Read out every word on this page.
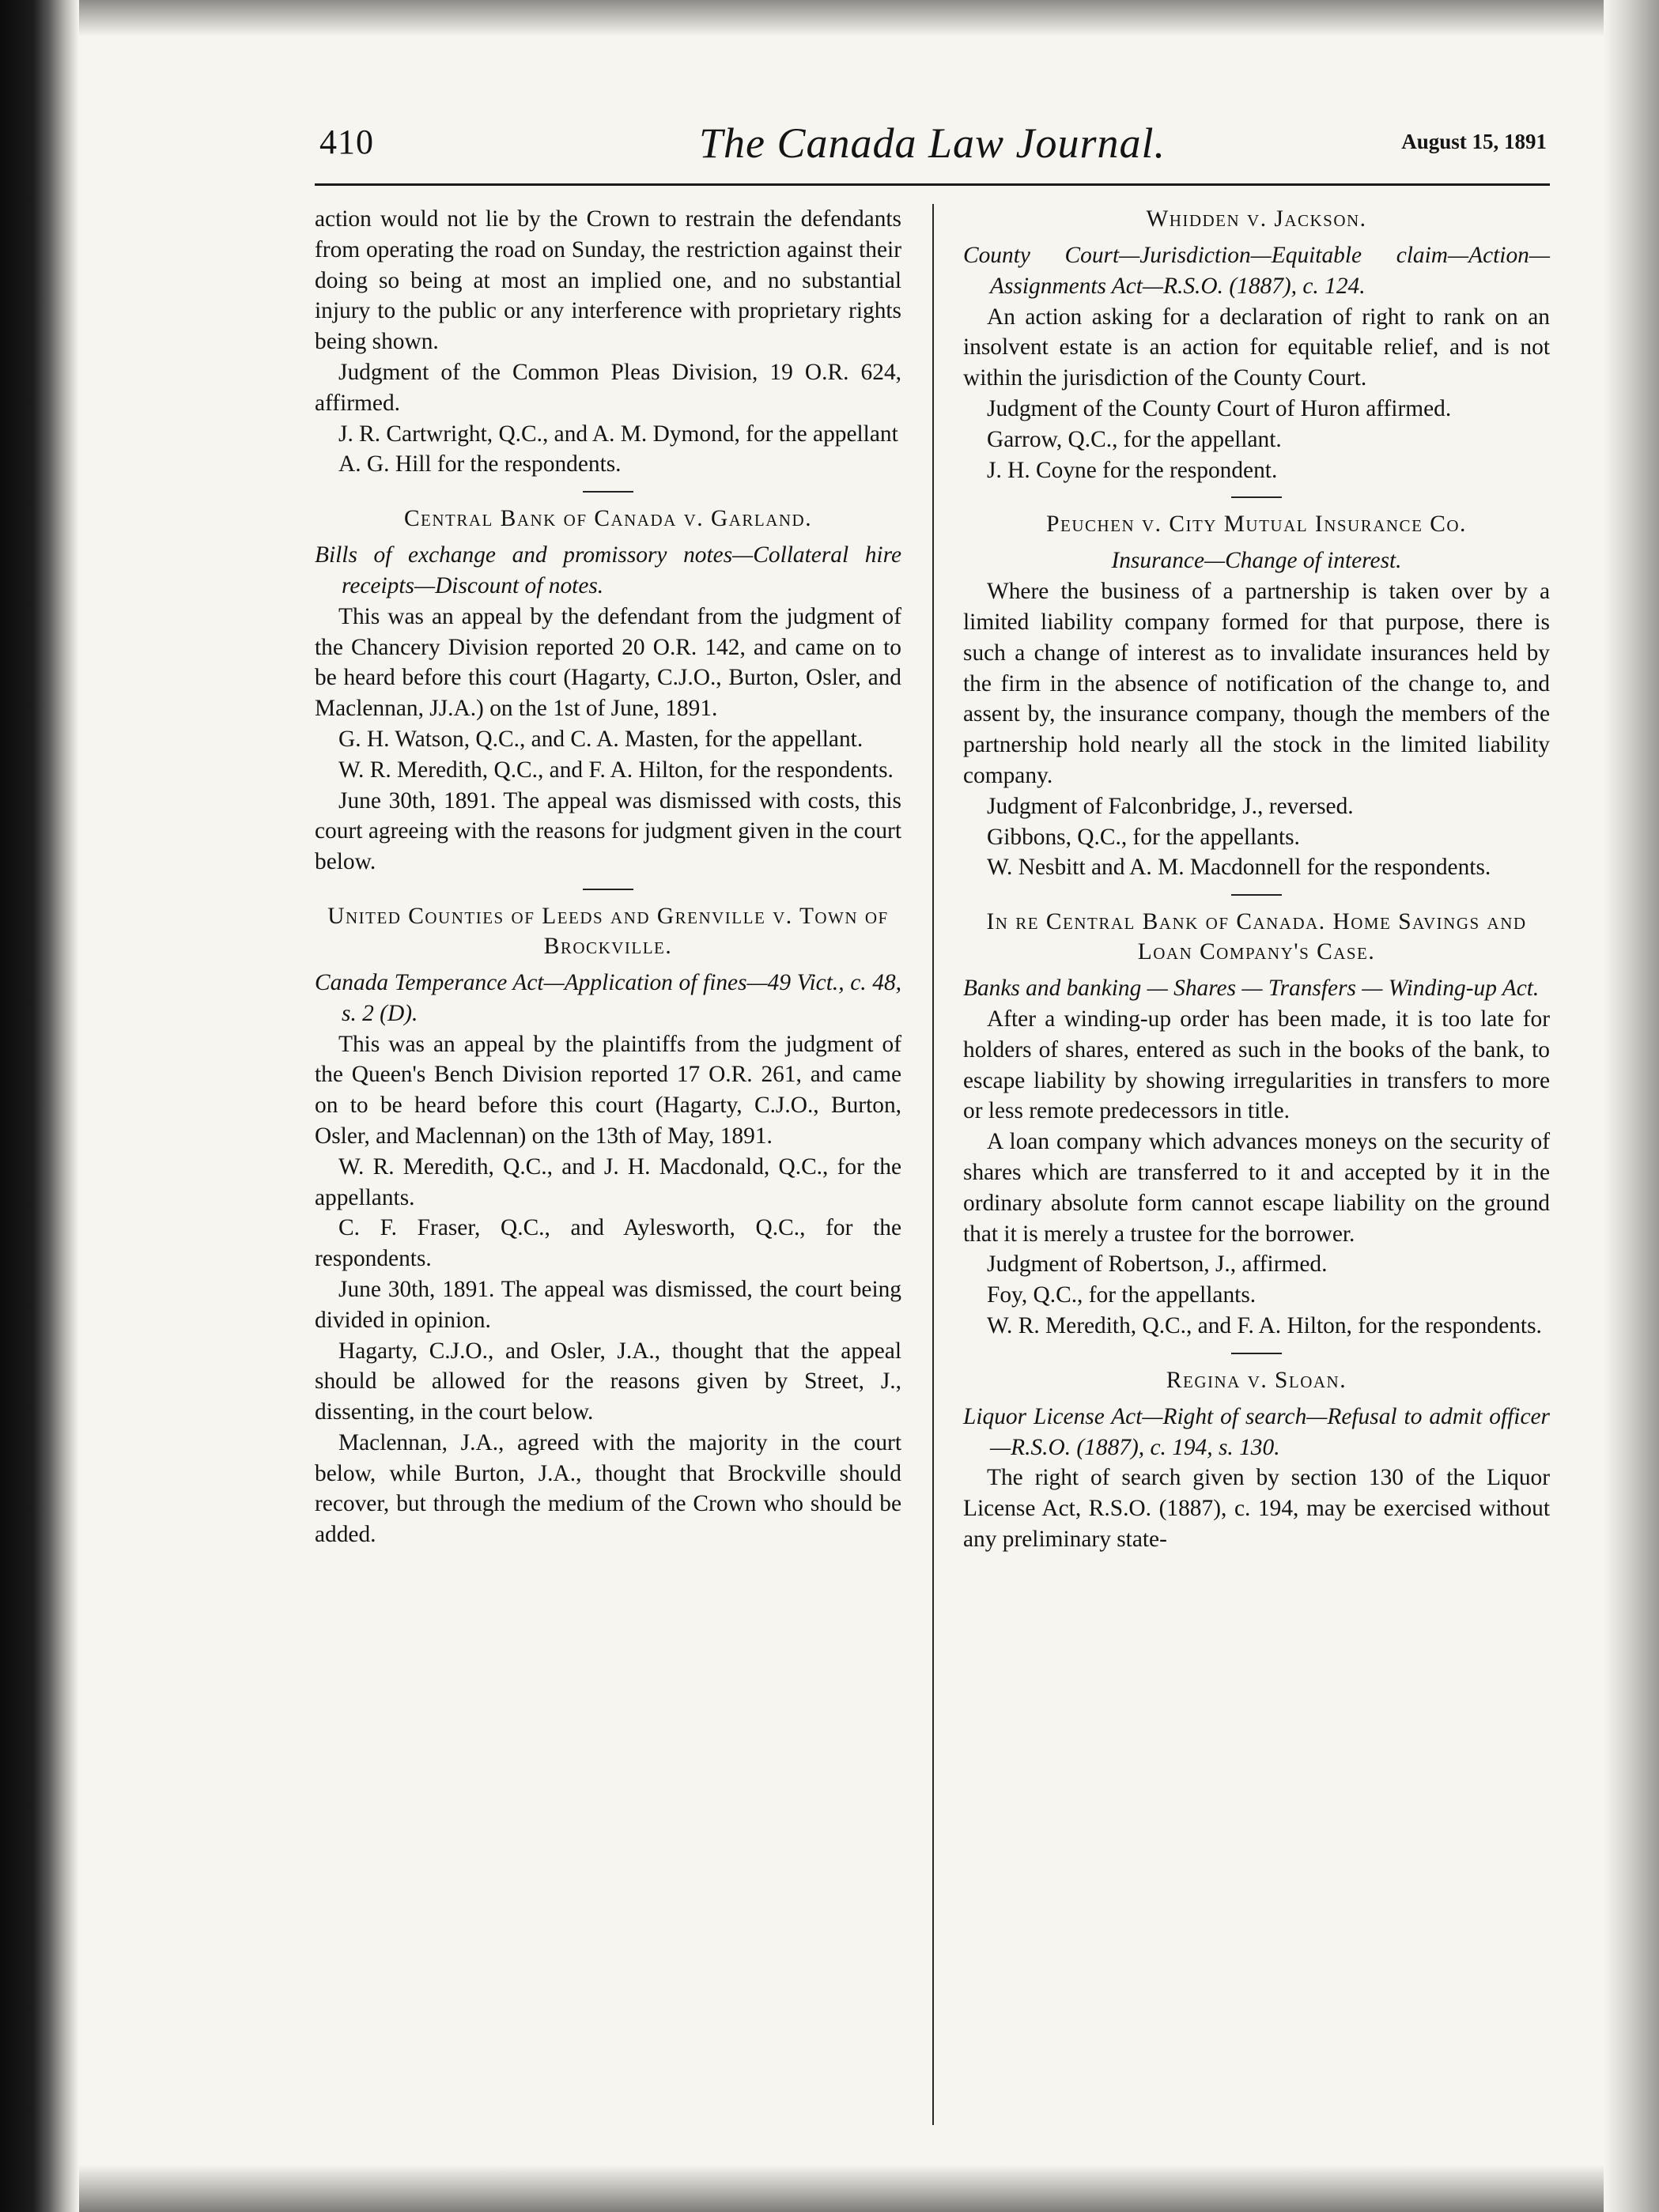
410	The Canada Law Journal.	August 15, 1891

action would not lie by the Crown to restrain the defendants from operating the road on Sunday, the restriction against their doing so being at most an implied one, and no substantial injury to the public or any interference with proprietary rights being shown.

Judgment of the Common Pleas Division, 19 O.R. 624, affirmed.

J. R. Cartwright, Q.C., and A. M. Dymond, for the appellant

A. G. Hill for the respondents.

Central Bank of Canada v. Garland.

Bills of exchange and promissory notes—Collateral hire receipts—Discount of notes.

This was an appeal by the defendant from the judgment of the Chancery Division reported 20 O.R. 142, and came on to be heard before this court (Hagarty, C.J.O., Burton, Osler, and Maclennan, JJ.A.) on the 1st of June, 1891.

G. H. Watson, Q.C., and C. A. Masten, for the appellant.

W. R. Meredith, Q.C., and F. A. Hilton, for the respondents.

June 30th, 1891. The appeal was dismissed with costs, this court agreeing with the reasons for judgment given in the court below.

United Counties of Leeds and Grenville v. Town of Brockville.

Canada Temperance Act—Application of fines—49 Vict., c. 48, s. 2 (D).

This was an appeal by the plaintiffs from the judgment of the Queen's Bench Division reported 17 O.R. 261, and came on to be heard before this court (Hagarty, C.J.O., Burton, Osler, and Maclennan) on the 13th of May, 1891.

W. R. Meredith, Q.C., and J. H. Macdonald, Q.C., for the appellants.

C. F. Fraser, Q.C., and Aylesworth, Q.C., for the respondents.

June 30th, 1891. The appeal was dismissed, the court being divided in opinion.

Hagarty, C.J.O., and Osler, J.A., thought that the appeal should be allowed for the reasons given by Street, J., dissenting, in the court below.

Maclennan, J.A., agreed with the majority in the court below, while Burton, J.A., thought that Brockville should recover, but through the medium of the Crown who should be added.

Whidden v. Jackson.

County Court—Jurisdiction—Equitable claim—Action—Assignments Act—R.S.O. (1887), c. 124.

An action asking for a declaration of right to rank on an insolvent estate is an action for equitable relief, and is not within the jurisdiction of the County Court.

Judgment of the County Court of Huron affirmed.

Garrow, Q.C., for the appellant.

J. H. Coyne for the respondent.

Peuchen v. City Mutual Insurance Co.

Insurance—Change of interest.

Where the business of a partnership is taken over by a limited liability company formed for that purpose, there is such a change of interest as to invalidate insurances held by the firm in the absence of notification of the change to, and assent by, the insurance company, though the members of the partnership hold nearly all the stock in the limited liability company.

Judgment of Falconbridge, J., reversed.

Gibbons, Q.C., for the appellants.

W. Nesbitt and A. M. Macdonnell for the respondents.

In re Central Bank of Canada. Home Savings and Loan Company's Case.

Banks and banking — Shares — Transfers — Winding-up Act.

After a winding-up order has been made, it is too late for holders of shares, entered as such in the books of the bank, to escape liability by showing irregularities in transfers to more or less remote predecessors in title.

A loan company which advances moneys on the security of shares which are transferred to it and accepted by it in the ordinary absolute form cannot escape liability on the ground that it is merely a trustee for the borrower.

Judgment of Robertson, J., affirmed.

Foy, Q.C., for the appellants.

W. R. Meredith, Q.C., and F. A. Hilton, for the respondents.

Regina v. Sloan.

Liquor License Act—Right of search—Refusal to admit officer—R.S.O. (1887), c. 194, s. 130.

The right of search given by section 130 of the Liquor License Act, R.S.O. (1887), c. 194, may be exercised without any preliminary state-
